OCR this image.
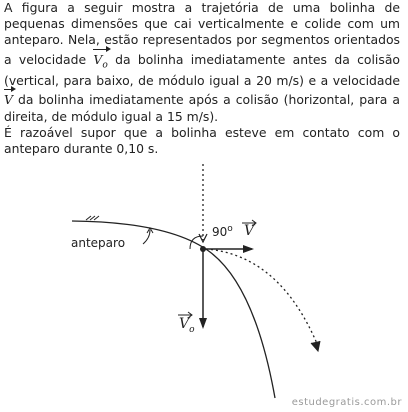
A figura a seguir mostra a trajetória de uma bolinha de pequenas dimensões que cai verticalmente e colide com um anteparo. Nela, estão representados por segmentos orientados a velocidade $V_o$ da bolinha imediatamente antes da colisão (vertical, para baixo, de módulo igual a 20 m/s) e a velocidade V da bolinha imediatamente após a colisão (horizontal, para a direita, de módulo igual a 15 m/s).

É razoável supor que a bolinha esteve em contato com o anteparo durante 0,10 s.

90$^o$
anteparo
V
$V_o$
estudegratis.com.br
